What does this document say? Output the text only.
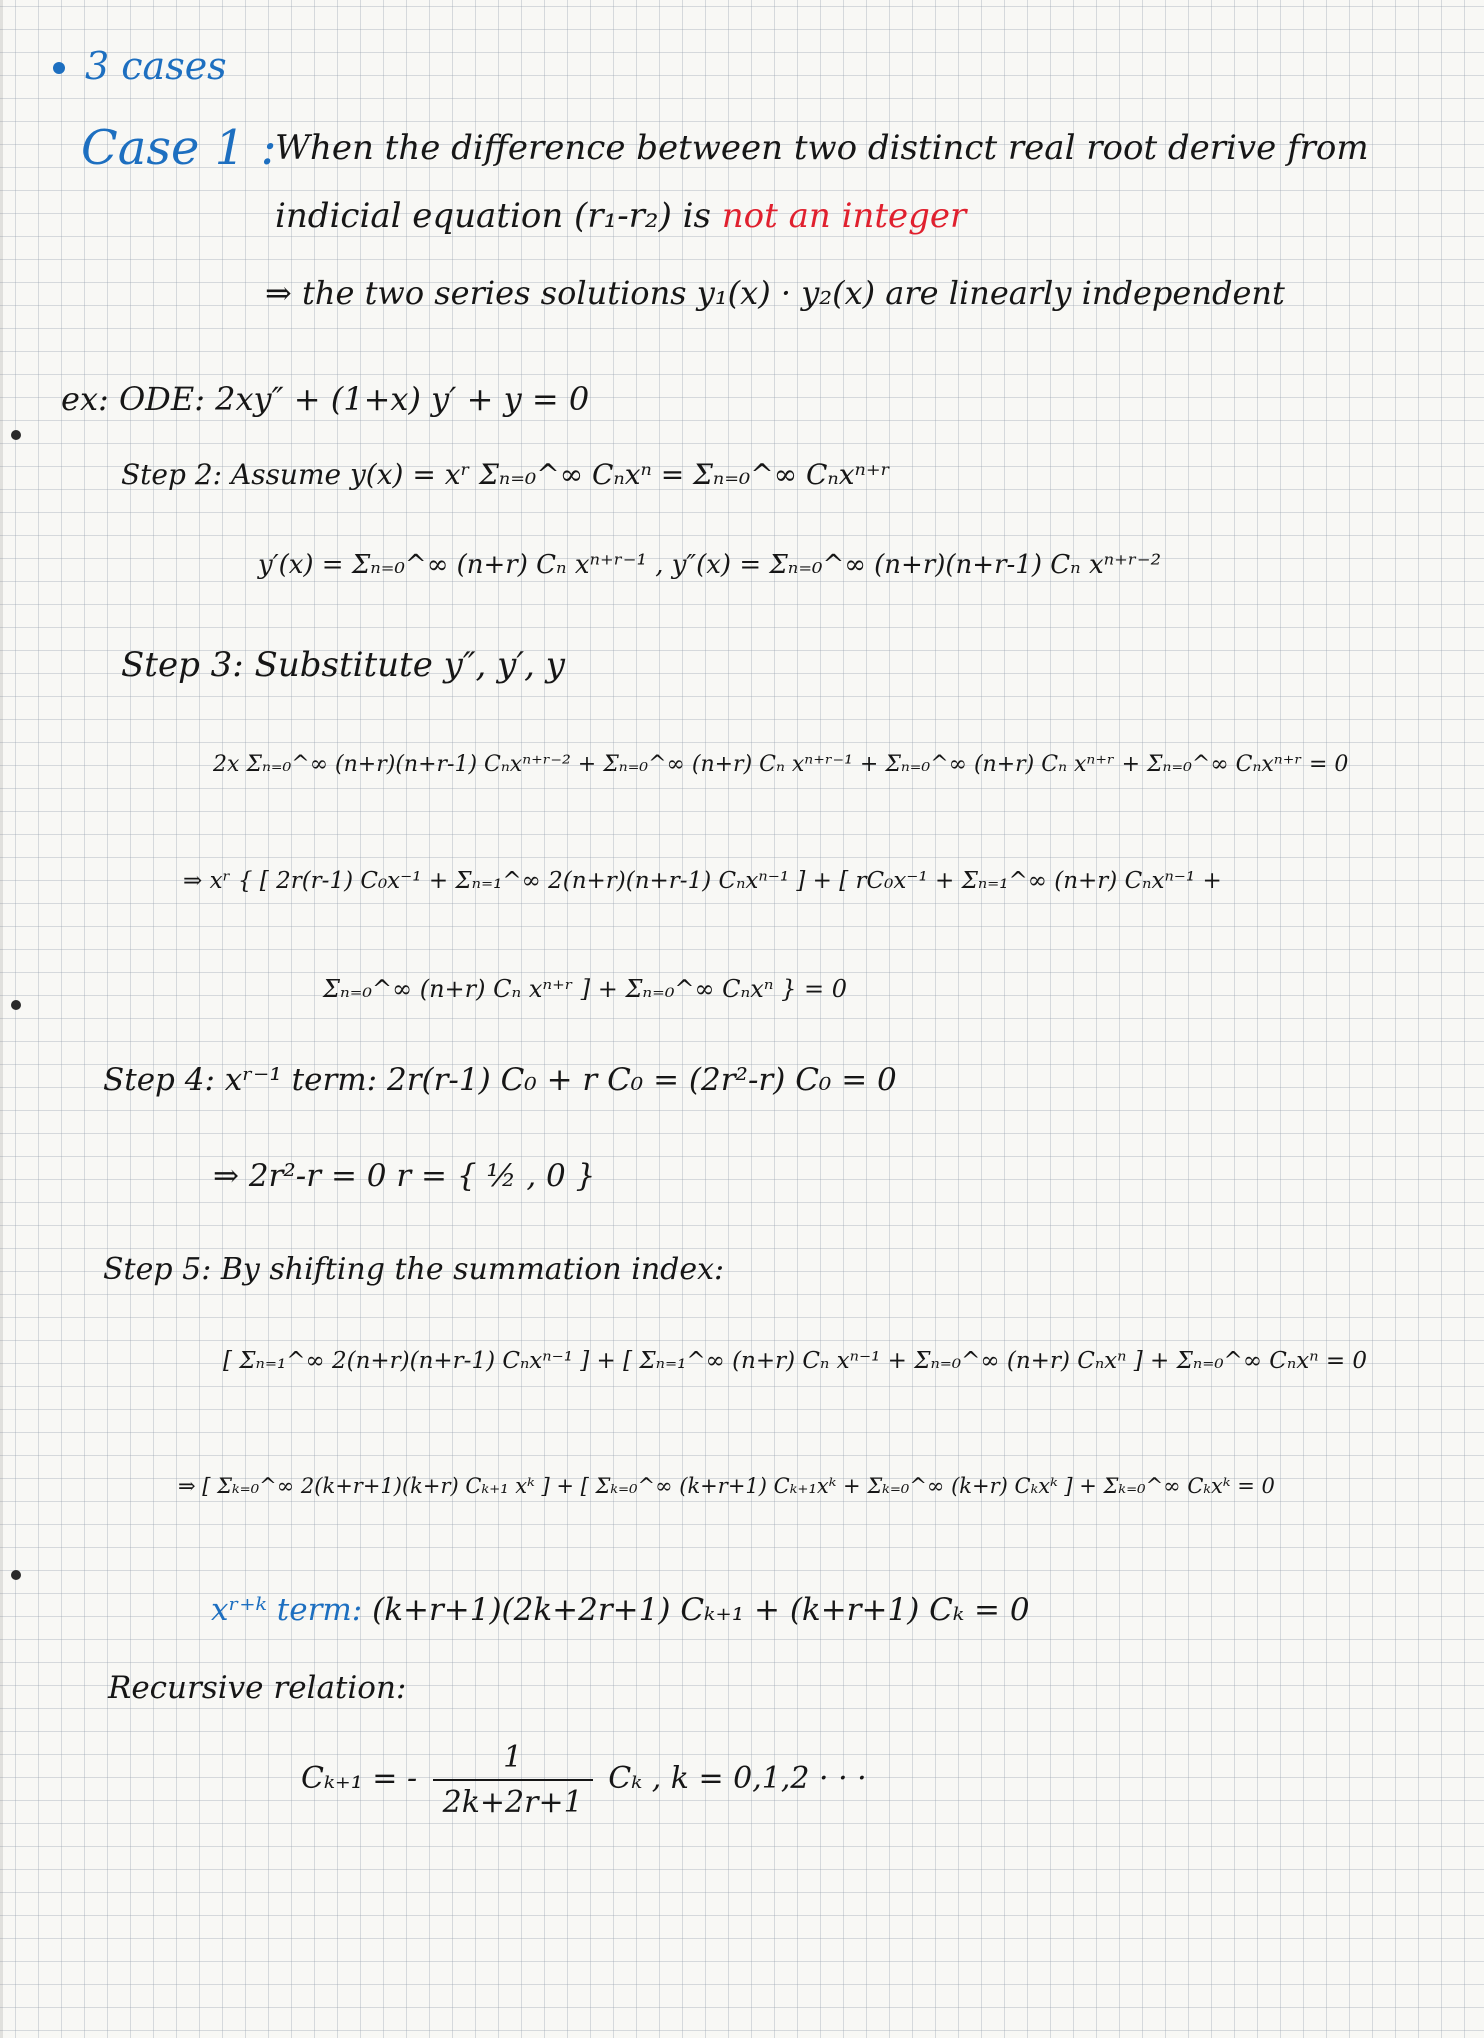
3 cases
Case 1 :
When the difference between two distinct real root derive from
indicial equation (r₁-r₂) is not an integer
⇒ the two series solutions y₁(x) · y₂(x) are linearly independent
ex: ODE: 2xy″ + (1+x) y′ + y = 0
Step 2: Assume y(x) = xʳ Σₙ₌₀^∞ Cₙxⁿ = Σₙ₌₀^∞ Cₙxⁿ⁺ʳ
y′(x) = Σₙ₌₀^∞ (n+r) Cₙ xⁿ⁺ʳ⁻¹ , y″(x) = Σₙ₌₀^∞ (n+r)(n+r-1) Cₙ xⁿ⁺ʳ⁻²
Step 3: Substitute y″, y′, y
2x Σₙ₌₀^∞ (n+r)(n+r-1) Cₙxⁿ⁺ʳ⁻² + Σₙ₌₀^∞ (n+r) Cₙ xⁿ⁺ʳ⁻¹ + Σₙ₌₀^∞ (n+r) Cₙ xⁿ⁺ʳ + Σₙ₌₀^∞ Cₙxⁿ⁺ʳ = 0
⇒ xʳ { [ 2r(r-1) C₀x⁻¹ + Σₙ₌₁^∞ 2(n+r)(n+r-1) Cₙxⁿ⁻¹ ] + [ rC₀x⁻¹ + Σₙ₌₁^∞ (n+r) Cₙxⁿ⁻¹ +
Σₙ₌₀^∞ (n+r) Cₙ xⁿ⁺ʳ ] + Σₙ₌₀^∞ Cₙxⁿ } = 0
Step 4: xʳ⁻¹ term: 2r(r-1) C₀ + r C₀ = (2r²-r) C₀ = 0
⇒ 2r²-r = 0 r = { ½ , 0 }
Step 5: By shifting the summation index:
[ Σₙ₌₁^∞ 2(n+r)(n+r-1) Cₙxⁿ⁻¹ ] + [ Σₙ₌₁^∞ (n+r) Cₙ xⁿ⁻¹ + Σₙ₌₀^∞ (n+r) Cₙxⁿ ] + Σₙ₌₀^∞ Cₙxⁿ = 0
⇒ [ Σₖ₌₀^∞ 2(k+r+1)(k+r) Cₖ₊₁ xᵏ ] + [ Σₖ₌₀^∞ (k+r+1) Cₖ₊₁xᵏ + Σₖ₌₀^∞ (k+r) Cₖxᵏ ] + Σₖ₌₀^∞ Cₖxᵏ = 0
xʳ⁺ᵏ term: (k+r+1)(2k+2r+1) Cₖ₊₁ + (k+r+1) Cₖ = 0
Recursive relation:
Cₖ₊₁ = - $\frac{1}{2k+2r+1}$ Cₖ , k = 0,1,2 · · ·
